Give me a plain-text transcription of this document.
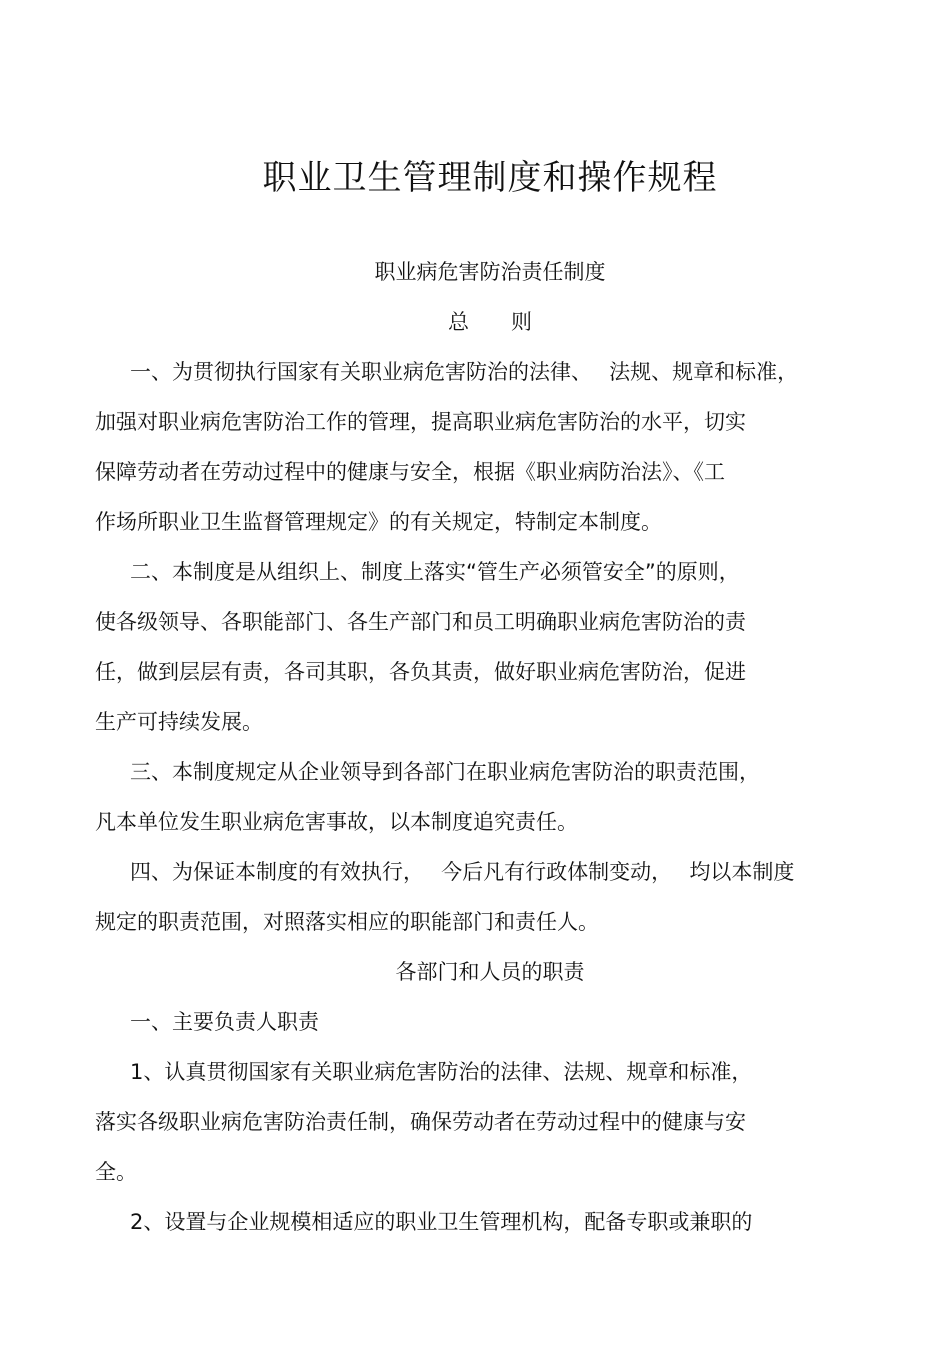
职业卫生管理制度和操作规程
职业病危害防治责任制度
总　　则
一、为贯彻执行国家有关职业病危害防治的法律、　 法规、规章和标准，
加强对职业病危害防治工作的管理，提高职业病危害防治的水平，切实
保障劳动者在劳动过程中的健康与安全，根据《职业病防治法》、《工
作场所职业卫生监督管理规定》的有关规定，特制定本制度。
二、本制度是从组织上、制度上落实“管生产必须管安全”的原则，
使各级领导、各职能部门、各生产部门和员工明确职业病危害防治的责
任，做到层层有责，各司其职，各负其责，做好职业病危害防治，促进
生产可持续发展。
三、本制度规定从企业领导到各部门在职业病危害防治的职责范围，
凡本单位发生职业病危害事故，以本制度追究责任。
四、为保证本制度的有效执行，　 今后凡有行政体制变动，　 均以本制度
规定的职责范围，对照落实相应的职能部门和责任人。
各部门和人员的职责
一、主要负责人职责
1、认真贯彻国家有关职业病危害防治的法律、法规、规章和标准，
落实各级职业病危害防治责任制，确保劳动者在劳动过程中的健康与安
全。
2、设置与企业规模相适应的职业卫生管理机构，配备专职或兼职的
